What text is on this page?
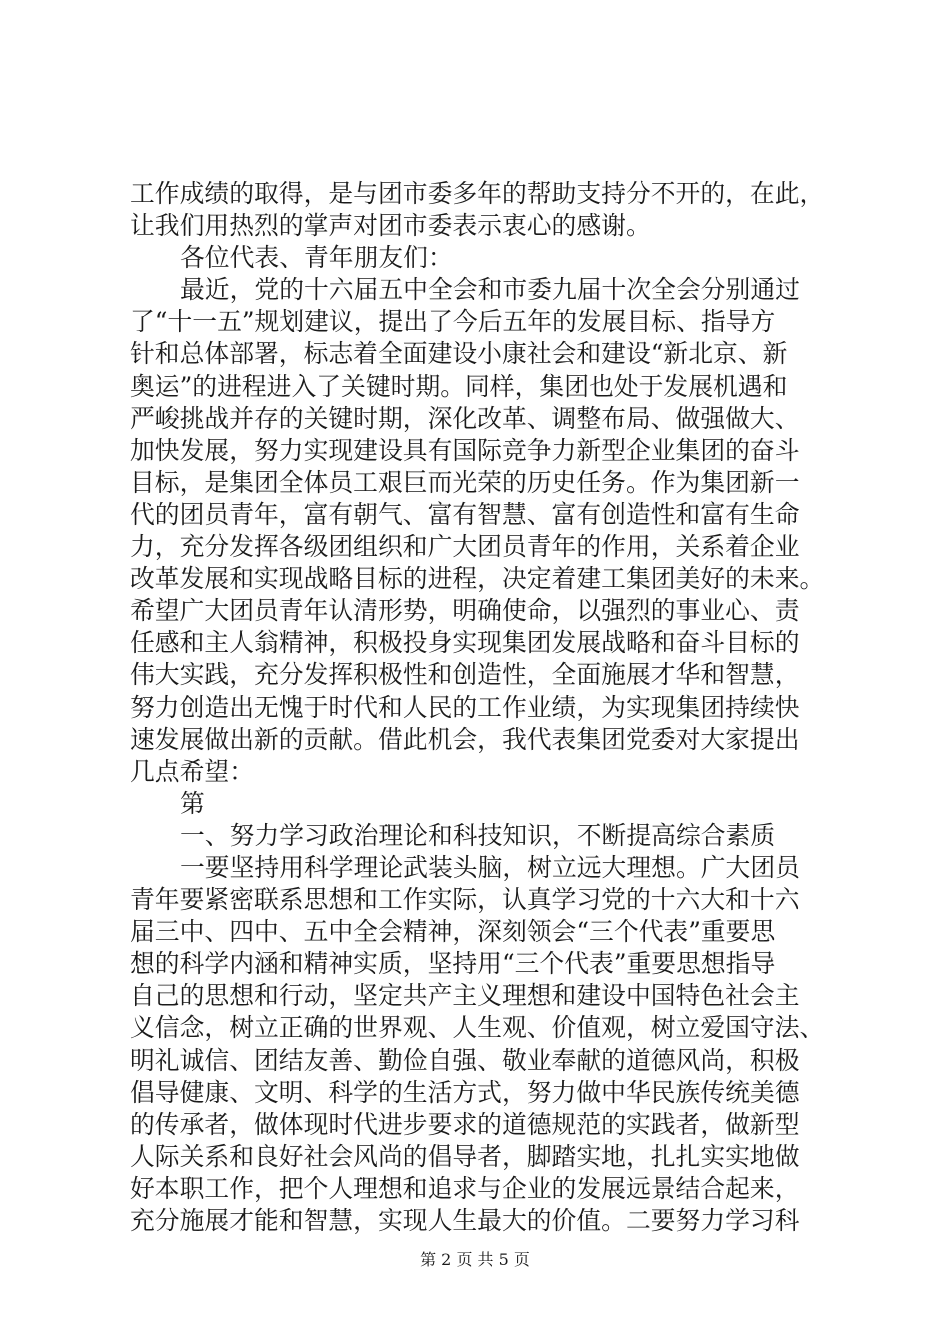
工作成绩的取得，是与团市委多年的帮助支持分不开的，在此，
让我们用热烈的掌声对团市委表示衷心的感谢。
各位代表、青年朋友们：
最近，党的十六届五中全会和市委九届十次全会分别通过
了“十一五”规划建议，提出了今后五年的发展目标、指导方
针和总体部署，标志着全面建设小康社会和建设“新北京、新
奥运”的进程进入了关键时期。同样，集团也处于发展机遇和
严峻挑战并存的关键时期，深化改革、调整布局、做强做大、
加快发展，努力实现建设具有国际竞争力新型企业集团的奋斗
目标，是集团全体员工艰巨而光荣的历史任务。作为集团新一
代的团员青年，富有朝气、富有智慧、富有创造性和富有生命
力，充分发挥各级团组织和广大团员青年的作用，关系着企业
改革发展和实现战略目标的进程，决定着建工集团美好的未来。
希望广大团员青年认清形势，明确使命，以强烈的事业心、责
任感和主人翁精神，积极投身实现集团发展战略和奋斗目标的
伟大实践，充分发挥积极性和创造性，全面施展才华和智慧，
努力创造出无愧于时代和人民的工作业绩，为实现集团持续快
速发展做出新的贡献。借此机会，我代表集团党委对大家提出
几点希望：
第
一、努力学习政治理论和科技知识，不断提高综合素质
一要坚持用科学理论武装头脑，树立远大理想。广大团员
青年要紧密联系思想和工作实际，认真学习党的十六大和十六
届三中、四中、五中全会精神，深刻领会“三个代表”重要思
想的科学内涵和精神实质，坚持用“三个代表”重要思想指导
自己的思想和行动，坚定共产主义理想和建设中国特色社会主
义信念，树立正确的世界观、人生观、价值观，树立爱国守法、
明礼诚信、团结友善、勤俭自强、敬业奉献的道德风尚，积极
倡导健康、文明、科学的生活方式，努力做中华民族传统美德
的传承者，做体现时代进步要求的道德规范的实践者，做新型
人际关系和良好社会风尚的倡导者，脚踏实地，扎扎实实地做
好本职工作，把个人理想和追求与企业的发展远景结合起来，
充分施展才能和智慧，实现人生最大的价值。二要努力学习科
第 2 页 共 5 页
